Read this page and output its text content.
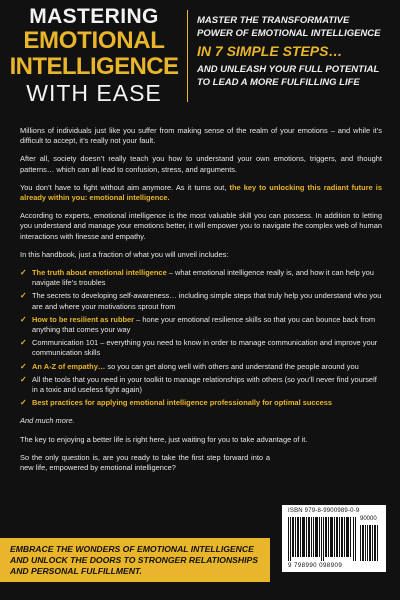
MASTERING
EMOTIONAL
INTELLIGENCE
WITH EASE
MASTER THE TRANSFORMATIVE
POWER OF EMOTIONAL INTELLIGENCE
IN 7 SIMPLE STEPS…
AND UNLEASH YOUR FULL POTENTIAL
TO LEAD A MORE FULFILLING LIFE

Millions of individuals just like you suffer from making sense of the realm of your emotions – and while it’s difficult to accept, it’s really not your fault.

After all, society doesn’t really teach you how to understand your own emotions, triggers, and thought patterns… which can all lead to confusion, stress, and arguments.

You don’t have to fight without aim anymore. As it turns out, the key to unlocking this radiant future is already within you: emotional intelligence.

According to experts, emotional intelligence is the most valuable skill you can possess. In addition to letting you understand and manage your emotions better, it will empower you to navigate the complex web of human interactions with finesse and empathy.

In this handbook, just a fraction of what you will unveil includes:

✓ The truth about emotional intelligence – what emotional intelligence really is, and how it can help you navigate life’s troubles
✓ The secrets to developing self-awareness… including simple steps that truly help you understand who you are and where your motivations sprout from
✓ How to be resilient as rubber – hone your emotional resilience skills so that you can bounce back from anything that comes your way
✓ Communication 101 – everything you need to know in order to manage communication and improve your communication skills
✓ An A-Z of empathy… so you can get along well with others and understand the people around you
✓ All the tools that you need in your toolkit to manage relationships with others (so you’ll never find yourself in a toxic and useless fight again)
✓ Best practices for applying emotional intelligence professionally for optimal success

And much more.

The key to enjoying a better life is right here, just waiting for you to take advantage of it.

So the only question is, are you ready to take the first step forward into a new life, empowered by emotional intelligence?

ISBN 979-8-9900989-0-9
90000
9 798990 098909
EMBRACE THE WONDERS OF EMOTIONAL INTELLIGENCE AND UNLOCK THE DOORS TO STRONGER RELATIONSHIPS AND PERSONAL FULFILLMENT.
